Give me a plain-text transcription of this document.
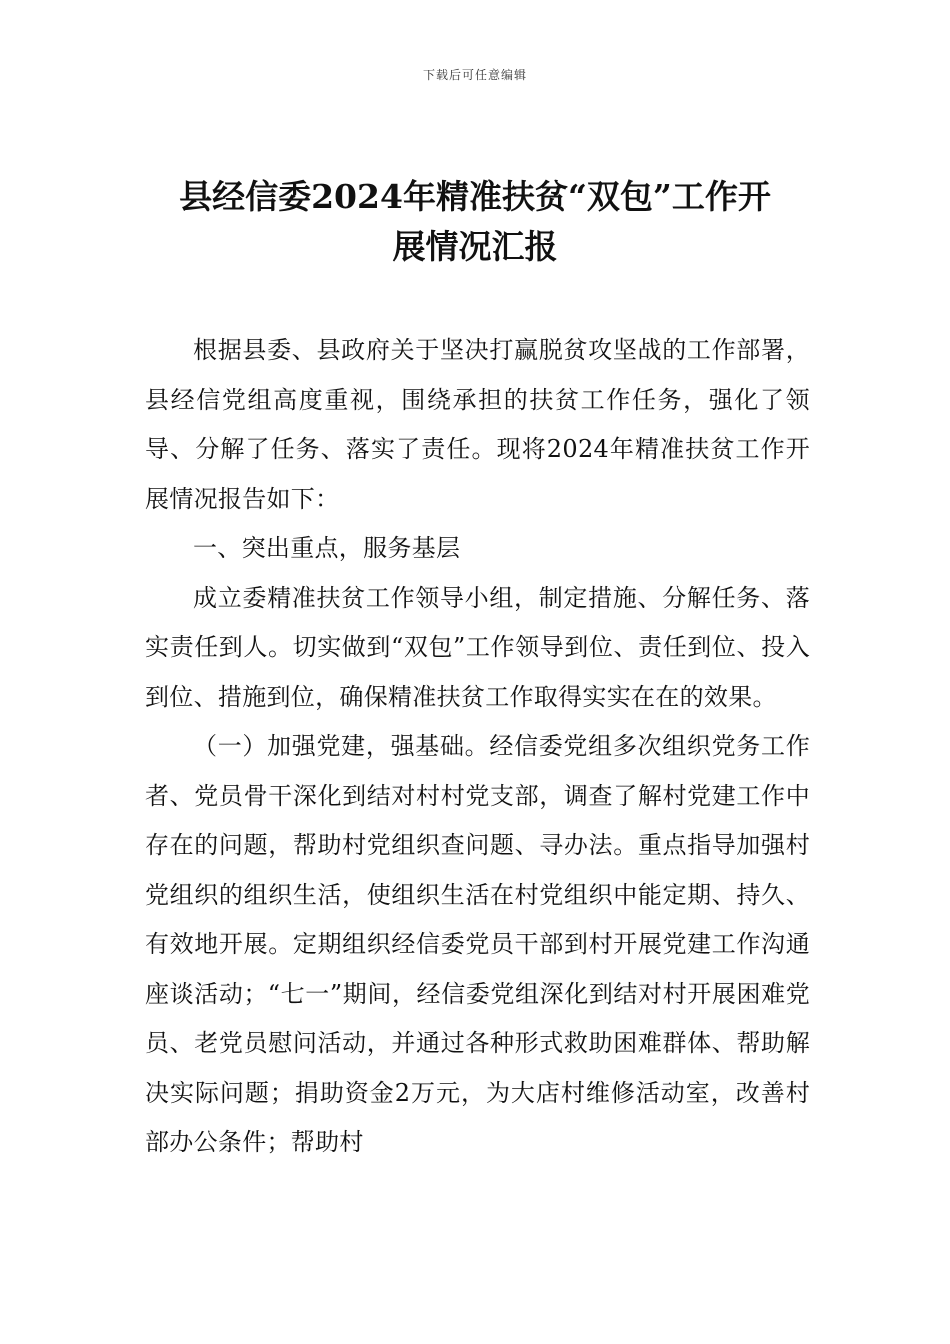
下载后可任意编辑
县经信委2024年精准扶贫“双包”工作开
展情况汇报

根据县委、县政府关于坚决打赢脱贫攻坚战的工作部署，县经信党组高度重视，围绕承担的扶贫工作任务，强化了领导、分解了任务、落实了责任。现将2024年精准扶贫工作开展情况报告如下：

一、突出重点，服务基层

成立委精准扶贫工作领导小组，制定措施、分解任务、落实责任到人。切实做到“双包”工作领导到位、责任到位、投入到位、措施到位，确保精准扶贫工作取得实实在在的效果。

（一）加强党建，强基础。经信委党组多次组织党务工作者、党员骨干深化到结对村村党支部，调查了解村党建工作中存在的问题，帮助村党组织查问题、寻办法。重点指导加强村党组织的组织生活，使组织生活在村党组织中能定期、持久、有效地开展。定期组织经信委党员干部到村开展党建工作沟通座谈活动；“七一”期间，经信委党组深化到结对村开展困难党员、老党员慰问活动，并通过各种形式救助困难群体、帮助解决实际问题；捐助资金2万元，为大店村维修活动室，改善村部办公条件；帮助村
